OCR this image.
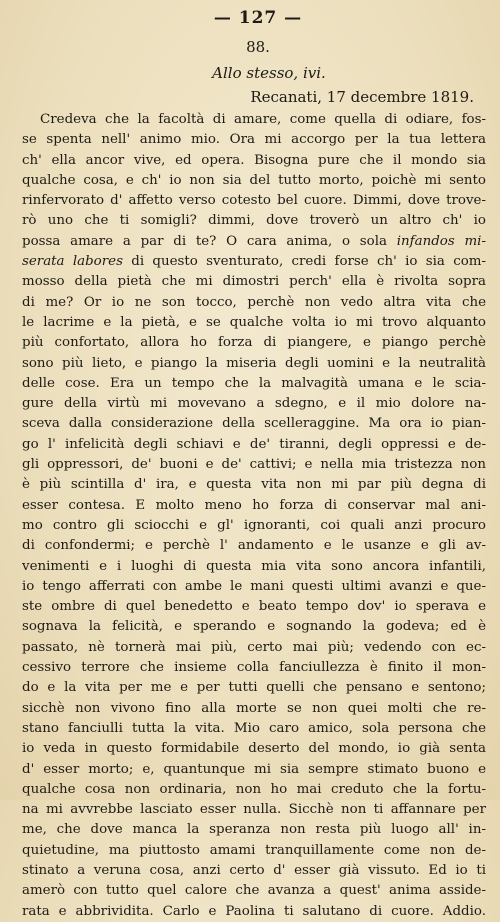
— 127 —
88.
Allo stesso, ivi.
Recanati, 17 decembre 1819.
Credeva che la facoltà di amare, come quella di odiare, fos-
se spenta nell' animo mio. Ora mi accorgo per la tua lettera
ch' ella ancor vive, ed opera. Bisogna pure che il mondo sia
qualche cosa, e ch' io non sia del tutto morto, poichè mi sento
rinfervorato d' affetto verso cotesto bel cuore. Dimmi, dove trove-
rò uno che ti somigli? dimmi, dove troverò un altro ch' io
possa amare a par di te? O cara anima, o sola infandos mi-
serata labores di questo sventurato, credi forse ch' io sia com-
mosso della pietà che mi dimostri perch' ella è rivolta sopra
di me? Or io ne son tocco, perchè non vedo altra vita che
le lacrime e la pietà, e se qualche volta io mi trovo alquanto
più confortato, allora ho forza di piangere, e piango perchè
sono più lieto, e piango la miseria degli uomini e la neutralità
delle cose. Era un tempo che la malvagità umana e le sciа-
gure della virtù mi movevano a sdegno, e il mio dolore na-
sceva dalla considerazione della scelleraggine. Ma ora io pian-
go l' infelicità degli schiavi e de' tiranni, degli oppressi e de-
gli oppressori, de' buoni e de' cattivi; e nella mia tristezza non
è più scintilla d' ira, e questa vita non mi par più degna di
esser contesa. E molto meno ho forza di conservar mal ani-
mo contro gli sciocchi e gl' ignoranti, coi quali anzi procuro
di confondermi; e perchè l' andamento e le usanze e gli av-
venimenti e i luoghi di questa mia vita sono ancora infantili,
io tengo afferrati con ambe le mani questi ultimi avanzi e que-
ste ombre di quel benedetto e beato tempo dov' io sperava e
sognava la felicità, e sperando e sognando la godeva; ed è
passato, nè tornerà mai più, certo mai più; vedendo con ec-
cessivo terrore che insieme colla fanciullezza è finito il mon-
do e la vita per me e per tutti quelli che pensano e sentono;
sicchè non vivono fino alla morte se non quei molti che re-
stano fanciulli tutta la vita. Mio caro amico, sola persona che
io veda in questo formidabile deserto del mondo, io già senta
d' esser morto; e, quantunque mi sia sempre stimato buono e
qualche cosa non ordinaria, non ho mai creduto che la fortu-
na mi avvrebbe lasciato esser nulla. Sicchè non ti affannare per
me, che dove manca la speranza non resta più luogo all' in-
quietudine, ma piuttosto amami tranquillamente come non de-
stinato a veruna cosa, anzi certo d' esser già vissuto. Ed io ti
amerò con tutto quel calore che avanza a quest' anima assidе-
rata e abbrividita. Carlo e Paolina ti salutano di cuore. Addio.
